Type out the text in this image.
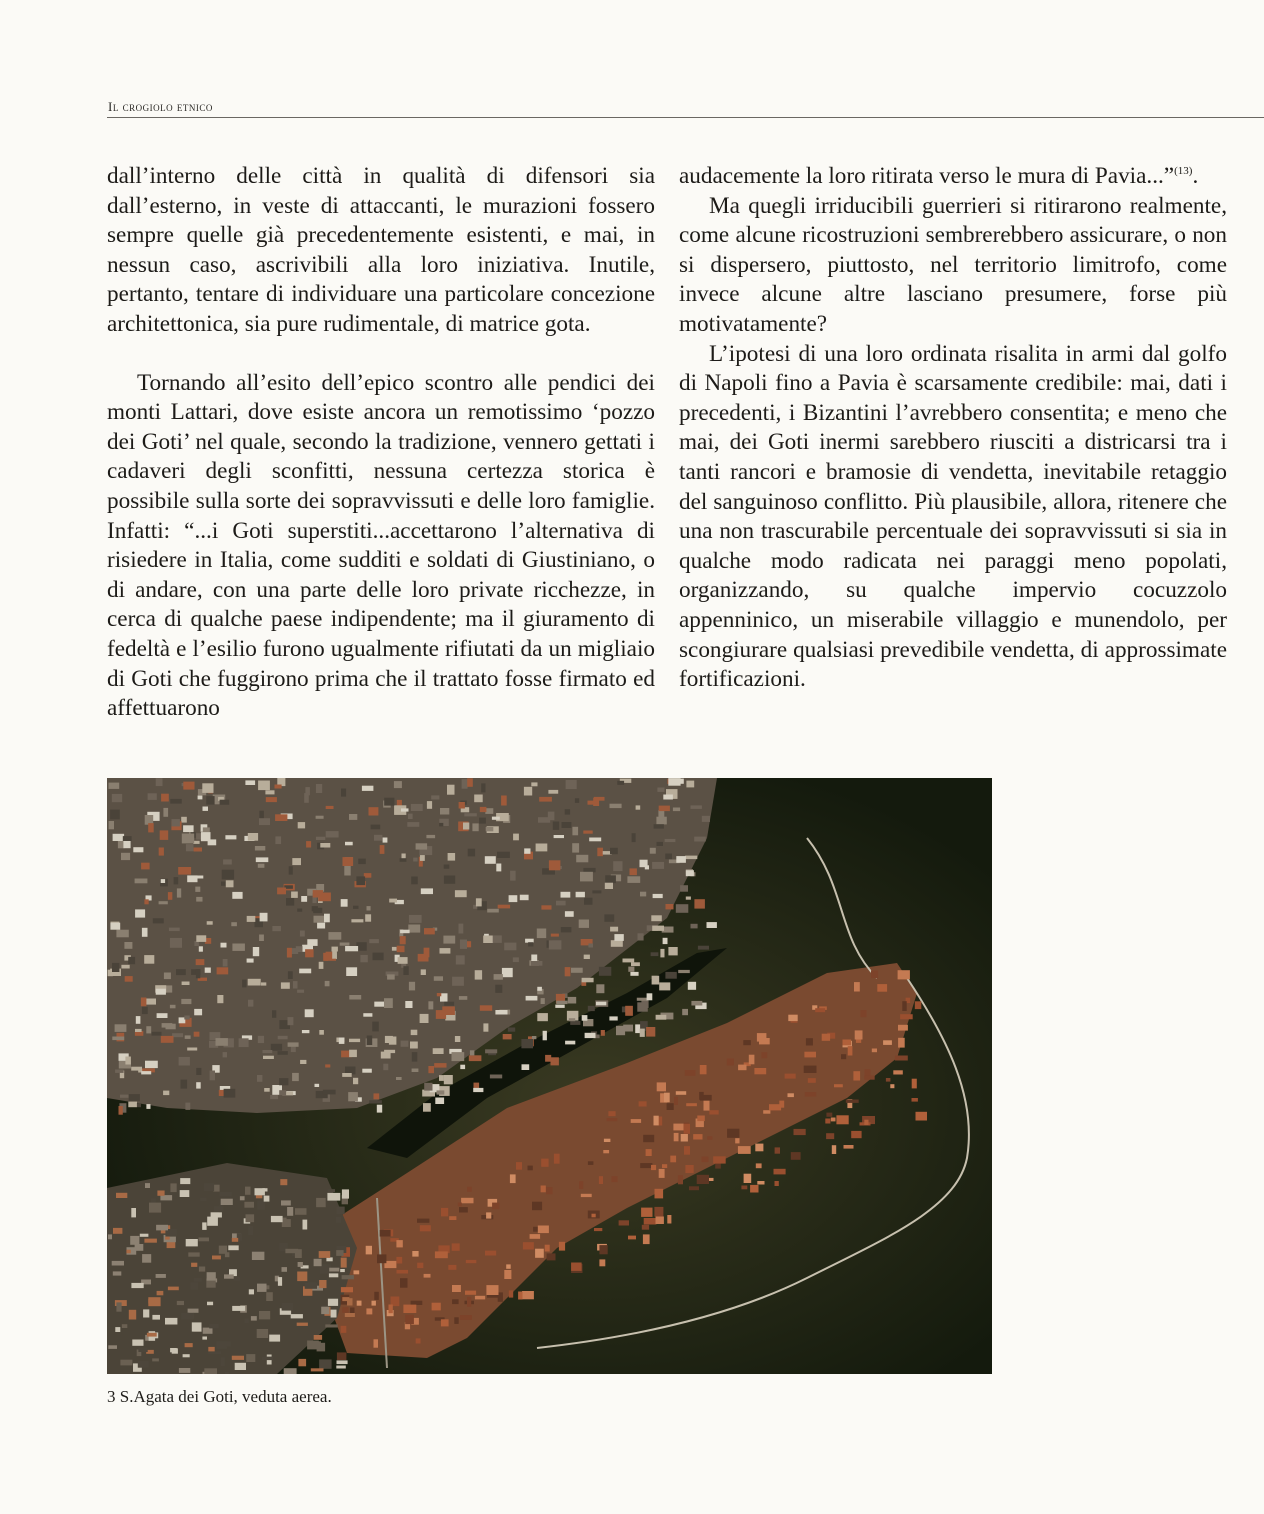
Il crogiolo etnico

dall’interno delle città in qualità di difensori sia dall’esterno, in veste di attaccanti, le murazioni fossero sempre quelle già precedentemente esistenti, e mai, in nessun caso, ascrivibili alla loro iniziativa. Inutile, pertanto, tentare di individuare una particolare concezione architettonica, sia pure rudimentale, di matrice gota.

Tornando all’esito dell’epico scontro alle pendici dei monti Lattari, dove esiste ancora un remotissimo ‘pozzo dei Goti’ nel quale, secondo la tradizione, vennero gettati i cadaveri degli sconfitti, nessuna certezza storica è possibile sulla sorte dei sopravvissuti e delle loro famiglie. Infatti: “...i Goti superstiti...accettarono l’alternativa di risiedere in Italia, come sudditi e soldati di Giustiniano, o di andare, con una parte delle loro private ricchezze, in cerca di qualche paese indipendente; ma il giuramento di fedeltà e l’esilio furono ugualmente rifiutati da un migliaio di Goti che fuggirono prima che il trattato fosse firmato ed affettuarono

audacemente la loro ritirata verso le mura di Pavia...”$^{(13)}$.

Ma quegli irriducibili guerrieri si ritirarono realmente, come alcune ricostruzioni sembrerebbero assicurare, o non si dispersero, piuttosto, nel territorio limitrofo, come invece alcune altre lasciano presumere, forse più motivatamente?

L’ipotesi di una loro ordinata risalita in armi dal golfo di Napoli fino a Pavia è scarsamente credibile: mai, dati i precedenti, i Bizantini l’avrebbero consentita; e meno che mai, dei Goti inermi sarebbero riusciti a districarsi tra i tanti rancori e bramosie di vendetta, inevitabile retaggio del sanguinoso conflitto. Più plausibile, allora, ritenere che una non trascurabile percentuale dei sopravvissuti si sia in qualche modo radicata nei paraggi meno popolati, organizzando, su qualche impervio cocuzzolo appenninico, un miserabile villaggio e munendolo, per scongiurare qualsiasi prevedibile vendetta, di approssimate fortificazioni.

3 S.Agata dei Goti, veduta aerea.
